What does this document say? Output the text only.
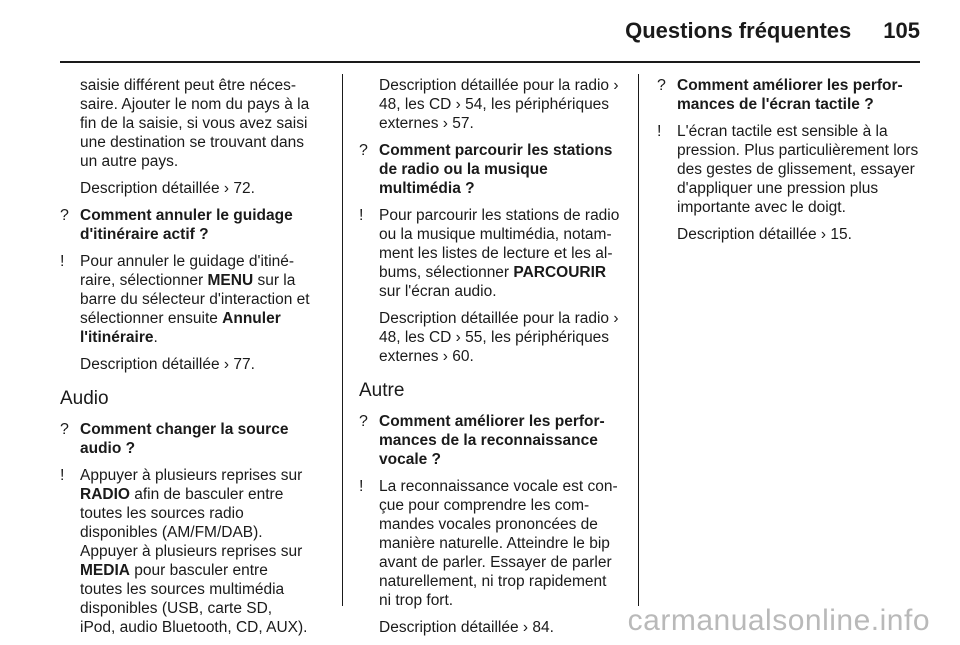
Questions fréquentes 105

saisie différent peut être nécessaire. Ajouter le nom du pays à la fin de la saisie, si vous avez saisi une destination se trouvant dans un autre pays.

Description détaillée › 72.

? Comment annuler le guidage d'itinéraire actif ?
!	Pour annuler le guidage d'itinéraire, sélectionner MENU sur la barre du sélecteur d'interaction et sélectionner ensuite Annuler l'itinéraire.

Description détaillée › 77.

Audio
? Comment changer la source audio ?
!	Appuyer à plusieurs reprises sur RADIO afin de basculer entre toutes les sources radio disponibles (AM/FM/DAB). Appuyer à plusieurs reprises sur MEDIA pour basculer entre toutes les sources multimédia disponibles (USB, carte SD, iPod, audio Bluetooth, CD, AUX).

Description détaillée pour la radio › 48, les CD › 54, les périphériques externes › 57.

? Comment parcourir les stations de radio ou la musique multimédia ?
!	Pour parcourir les stations de radio ou la musique multimédia, notamment les listes de lecture et les albums, sélectionner PARCOURIR sur l'écran audio.

Description détaillée pour la radio › 48, les CD › 55, les périphériques externes › 60.

Autre
? Comment améliorer les performances de la reconnaissance vocale ?
!	La reconnaissance vocale est conçue pour comprendre les commandes vocales prononcées de manière naturelle. Atteindre le bip avant de parler. Essayer de parler naturellement, ni trop rapidement ni trop fort.

Description détaillée › 84.

? Comment améliorer les performances de l'écran tactile ?
!	L'écran tactile est sensible à la pression. Plus particulièrement lors des gestes de glissement, essayer d'appliquer une pression plus importante avec le doigt.

Description détaillée › 15.

carmanualsonline.info
